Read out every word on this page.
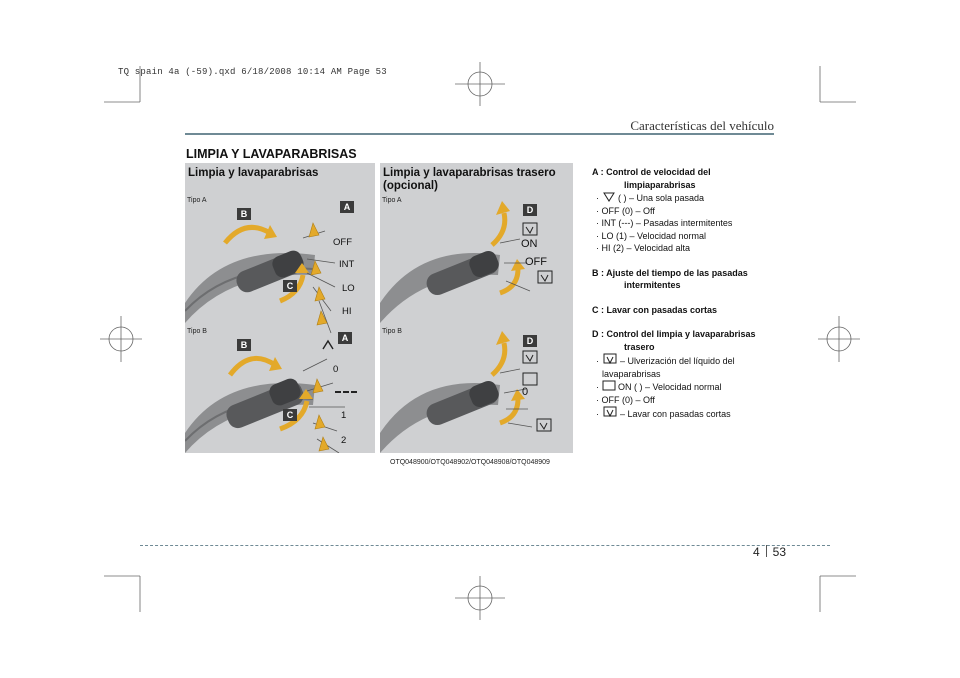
TQ spain 4a (-59).qxd 6/18/2008 10:14 AM Page 53
Características del vehículo
LIMPIA Y LAVAPARABRISAS
Limpia y lavaparabrisas
Tipo A
Tipo B
A
B
C
A
B
C
OFF
INT
LO
HI
0
1
2
Limpia y lavaparabrisas trasero
(opcional)
Tipo A
Tipo B
D
D
ON
OFF
0
OTQ048900/OTQ048902/OTQ048908/OTQ048909
A : Control de velocidad del limpiaparabrisas
·  ( ) – Una sola pasada
· OFF (0) – Off
· INT (---) – Pasadas intermitentes
· LO (1) – Velocidad normal
· HI (2) – Velocidad alta
B : Ajuste del tiempo de las pasadas intermitentes
C : Lavar con pasadas cortas
D : Control del limpia y lavaparabrisas trasero
·  – Ulverización del líquido del lavaparabrisas
·  ON ( ) – Velocidad normal
· OFF (0) – Off
·  – Lavar con pasadas cortas
4 53
